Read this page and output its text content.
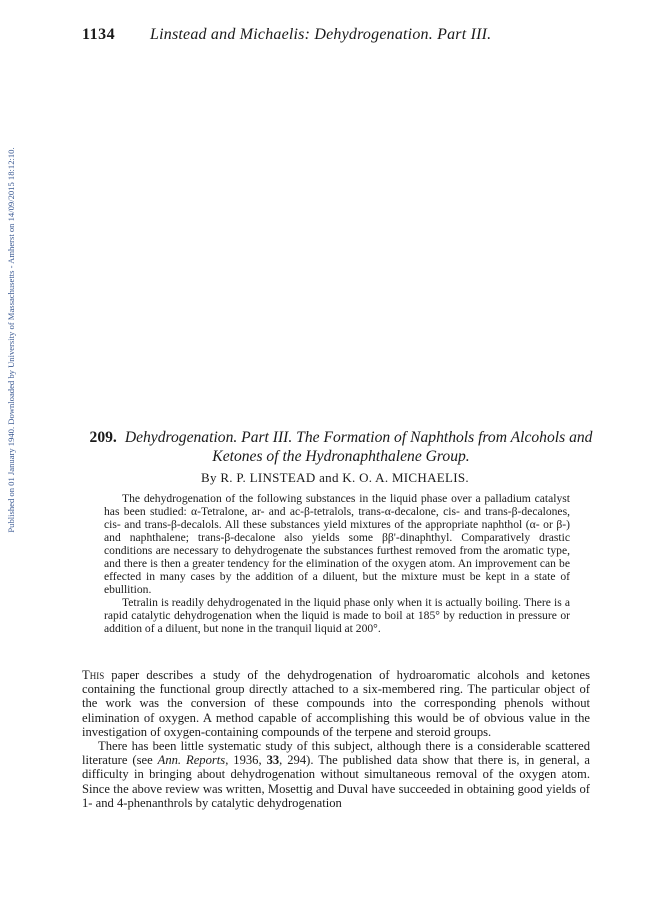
Published on 01 January 1940. Downloaded by University of Massachusetts - Amherst on 14/09/2015 18:12:10.
1134 Linstead and Michaelis: Dehydrogenation. Part III.
209. Dehydrogenation. Part III. The Formation of Naphthols from Alcohols and Ketones of the Hydronaphthalene Group.
By R. P. LINSTEAD and K. O. A. MICHAELIS.

The dehydrogenation of the following substances in the liquid phase over a palladium catalyst has been studied: α-Tetralone, ar- and ac-β-tetralols, trans-α-decalone, cis- and trans-β-decalones, cis- and trans-β-decalols. All these substances yield mixtures of the appropriate naphthol (α- or β-) and naphthalene; trans-β-decalone also yields some ββ'-dinaphthyl. Comparatively drastic conditions are necessary to dehydrogenate the substances furthest removed from the aromatic type, and there is then a greater tendency for the elimination of the oxygen atom. An improvement can be effected in many cases by the addition of a diluent, but the mixture must be kept in a state of ebullition.

Tetralin is readily dehydrogenated in the liquid phase only when it is actually boiling. There is a rapid catalytic dehydrogenation when the liquid is made to boil at 185° by reduction in pressure or addition of a diluent, but none in the tranquil liquid at 200°.

This paper describes a study of the dehydrogenation of hydroaromatic alcohols and ketones containing the functional group directly attached to a six-membered ring. The particular object of the work was the conversion of these compounds into the corresponding phenols without elimination of oxygen. A method capable of accomplishing this would be of obvious value in the investigation of oxygen-containing compounds of the terpene and steroid groups.

There has been little systematic study of this subject, although there is a considerable scattered literature (see Ann. Reports, 1936, 33, 294). The published data show that there is, in general, a difficulty in bringing about dehydrogenation without simultaneous removal of the oxygen atom. Since the above review was written, Mosettig and Duval have succeeded in obtaining good yields of 1- and 4-phenanthrols by catalytic dehydrogenation
